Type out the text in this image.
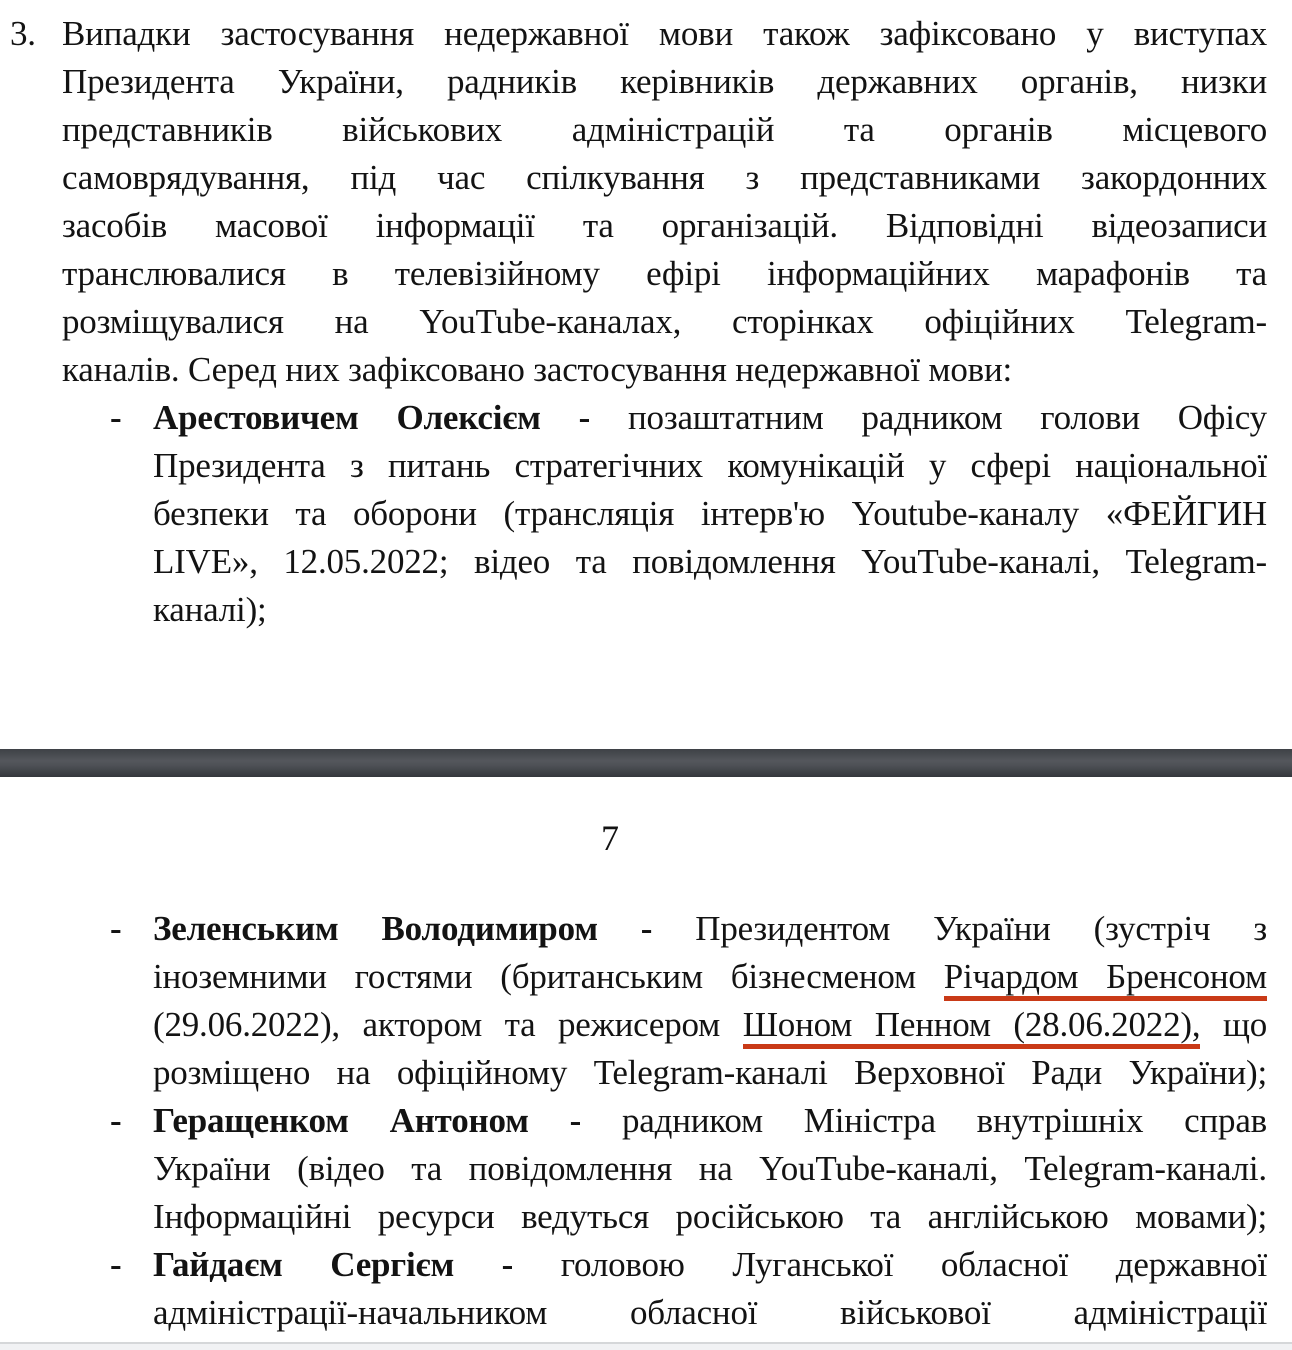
3. Випадки застосування недержавної мови також зафіксовано у виступах
Президента України, радників керівників державних органів, низки
представників військових адміністрацій та органів місцевого
самоврядування, під час спілкування з представниками закордонних
засобів масової інформації та організацій. Відповідні відеозаписи
транслювалися в телевізійному ефірі інформаційних марафонів та
розміщувалися на YouTube-каналах, сторінках офіційних Telegram-
каналів. Серед них зафіксовано застосування недержавної мови:
- Арестовичем Олексієм - позаштатним радником голови Офісу
Президента з питань стратегічних комунікацій у сфері національної
безпеки та оборони (трансляція інтерв'ю Youtube-каналу «ФЕЙГИН
LIVE», 12.05.2022; відео та повідомлення YouTube-каналі, Telegram-
каналі);
7
- Зеленським Володимиром - Президентом України (зустріч з
іноземними гостями (британським бізнесменом Річардом Бренсоном
(29.06.2022), актором та режисером Шоном Пенном (28.06.2022), що
розміщено на офіційному Telegram-каналі Верховної Ради України);
- Геращенком Антоном - радником Міністра внутрішніх справ
України (відео та повідомлення на YouTube-каналі, Telegram-каналі.
Інформаційні ресурси ведуться російською та англійською мовами);
- Гайдаєм Сергієм - головою Луганської обласної державної
адміністрації-начальником обласної військової адміністрації
